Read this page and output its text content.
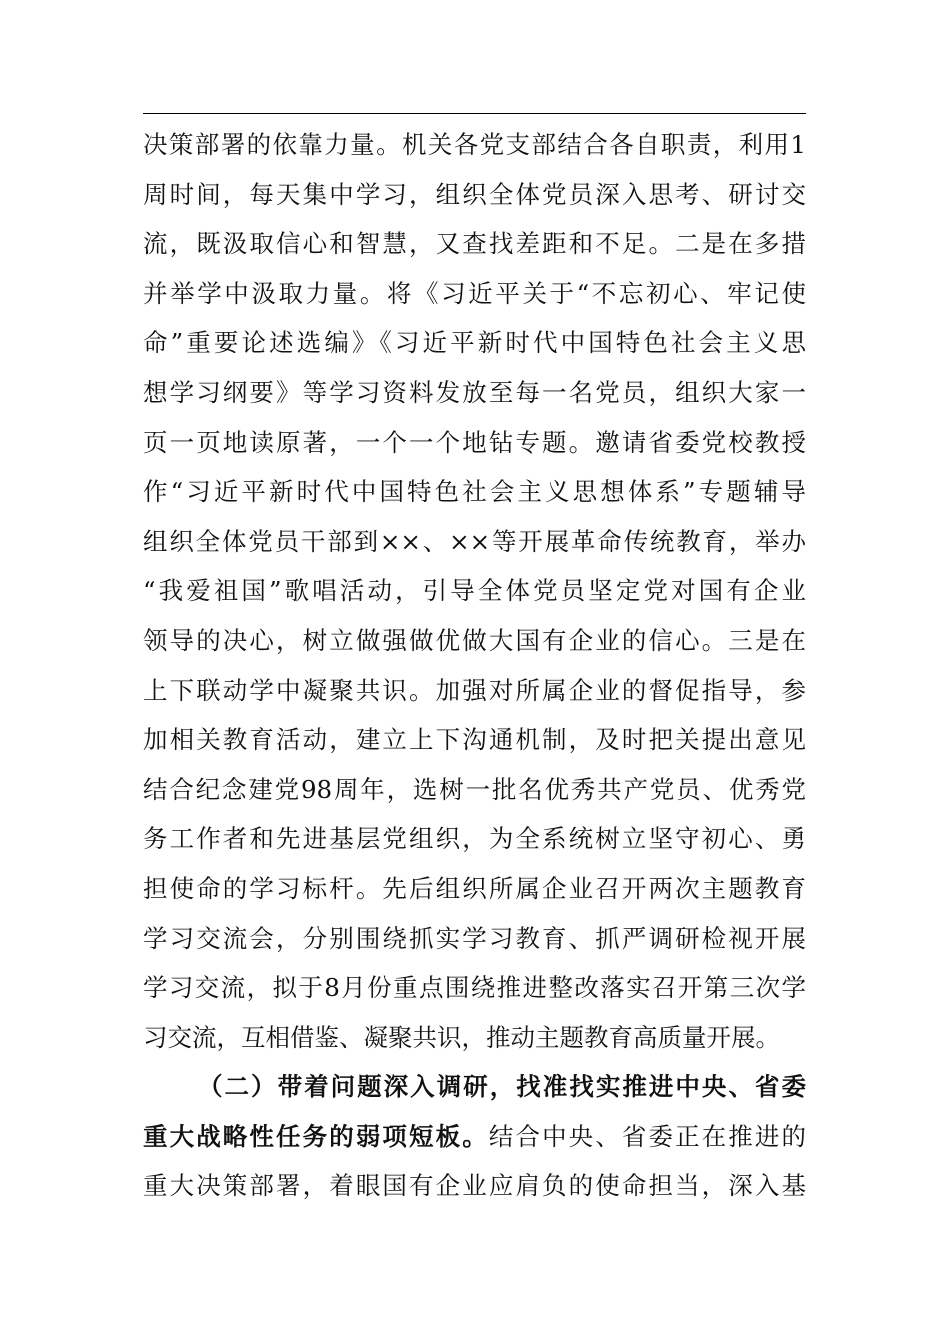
决策部署的依靠力量。机关各党支部结合各自职责，利用1
周时间，每天集中学习，组织全体党员深入思考、研讨交
流，既汲取信心和智慧，又查找差距和不足。二是在多措
并举学中汲取力量。将《习近平关于“不忘初心、牢记使
命”重要论述选编》《习近平新时代中国特色社会主义思
想学习纲要》等学习资料发放至每一名党员，组织大家一
页一页地读原著，一个一个地钻专题。邀请省委党校教授
作“习近平新时代中国特色社会主义思想体系”专题辅导
组织全体党员干部到××、××等开展革命传统教育，举办
“我爱祖国”歌唱活动，引导全体党员坚定党对国有企业
领导的决心，树立做强做优做大国有企业的信心。三是在
上下联动学中凝聚共识。加强对所属企业的督促指导，参
加相关教育活动，建立上下沟通机制，及时把关提出意见
结合纪念建党98周年，选树一批名优秀共产党员、优秀党
务工作者和先进基层党组织，为全系统树立坚守初心、勇
担使命的学习标杆。先后组织所属企业召开两次主题教育
学习交流会，分别围绕抓实学习教育、抓严调研检视开展
学习交流，拟于8月份重点围绕推进整改落实召开第三次学
习交流，互相借鉴、凝聚共识，推动主题教育高质量开展。
（二）带着问题深入调研，找准找实推进中央、省委
重大战略性任务的弱项短板。结合中央、省委正在推进的
重大决策部署，着眼国有企业应肩负的使命担当，深入基
